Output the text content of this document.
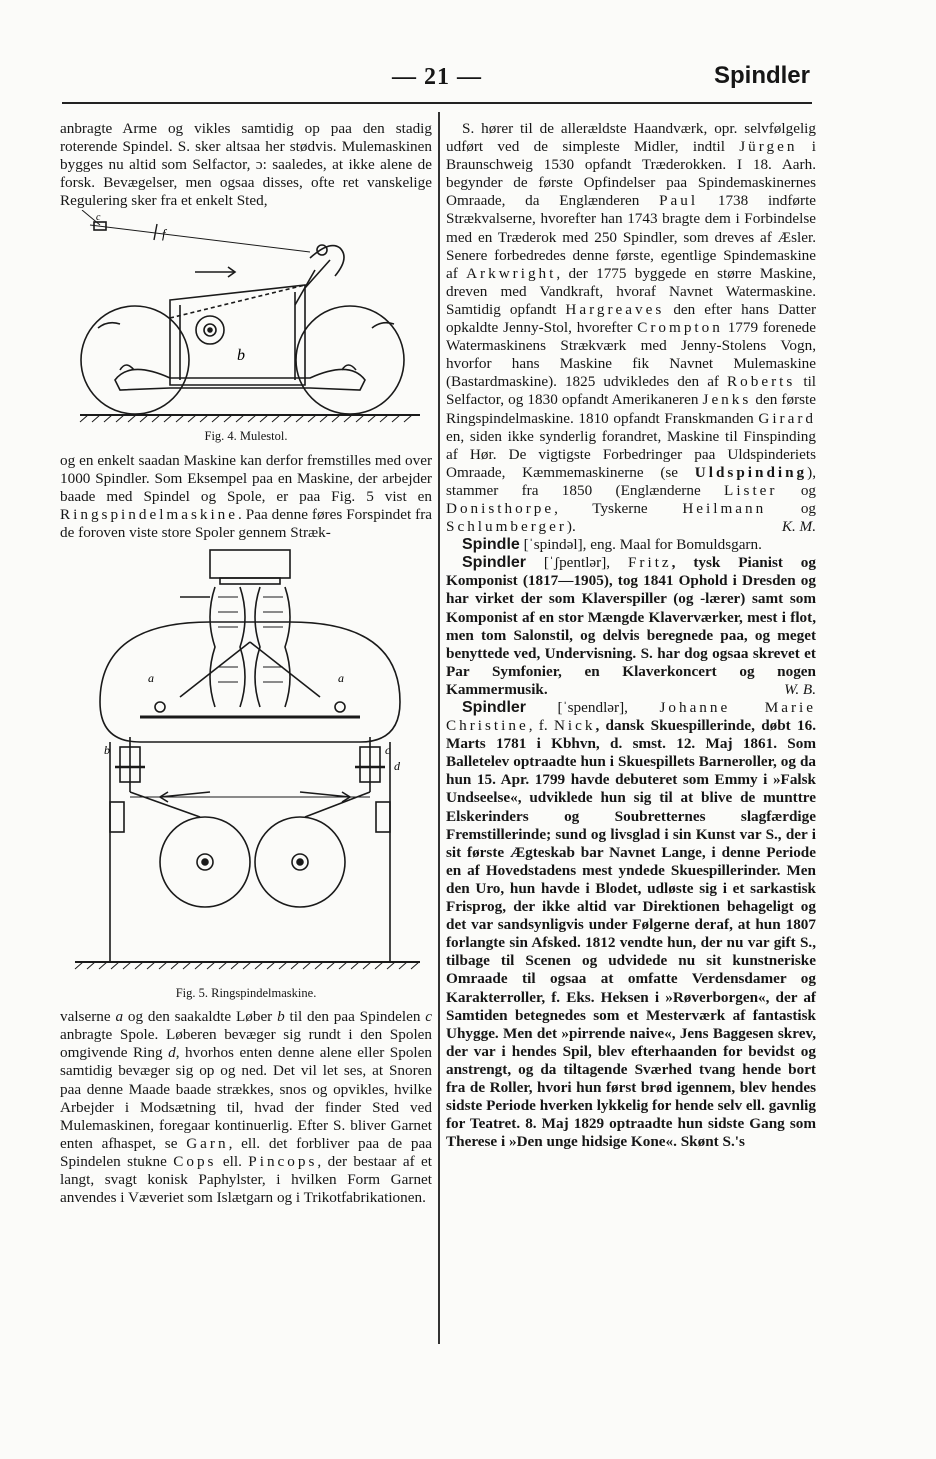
— 21 —	Spindler

anbragte Arme og vikles samtidig op paa den stadig roterende Spindel. S. sker altsaa her stødvis. Mulemaskinen bygges nu altid som Selfactor, ɔ: saaledes, at ikke alene de forsk. Bevægelser, men ogsaa disses, ofte ret vanskelige Regulering sker fra et enkelt Sted,

c
f
b
Fig. 4. Mulestol.

og en enkelt saadan Maskine kan derfor fremstilles med over 1000 Spindler. Som Eksempel paa en Maskine, der arbejder baade med Spindel og Spole, er paa Fig. 5 vist en Ringspindelmaskine. Paa denne føres Forspindet fra de foroven viste store Spoler gennem Stræk-

a	a
b	c
d
Fig. 5. Ringspindelmaskine.

valserne a og den saakaldte Løber b til den paa Spindelen c anbragte Spole. Løberen bevæger sig rundt i den Spolen omgivende Ring d, hvorhos enten denne alene eller Spolen samtidig bevæger sig op og ned. Det vil let ses, at Snoren paa denne Maade baade strækkes, snos og opvikles, hvilke Arbejder i Modsætning til, hvad der finder Sted ved Mulemaskinen, foregaar kontinuerlig. Efter S. bliver Garnet enten afhaspet, se Garn, ell. det forbliver paa de paa Spindelen stukne Cops ell. Pincops, der bestaar af et langt, svagt konisk Paphylster, i hvilken Form Garnet anvendes i Væveriet som Islætgarn og i Trikotfabrikationen.

S. hører til de allerældste Haandværk, opr. selvfølgelig udført ved de simpleste Midler, indtil Jürgen i Braunschweig 1530 opfandt Træderokken. I 18. Aarh. begynder de første Opfindelser paa Spindemaskinernes Omraade, da Englænderen Paul 1738 indførte Strækvalserne, hvorefter han 1743 bragte dem i Forbindelse med en Træderok med 250 Spindler, som dreves af Æsler. Senere forbedredes denne første, egentlige Spindemaskine af Arkwright, der 1775 byggede en større Maskine, dreven med Vandkraft, hvoraf Navnet Watermaskine. Samtidig opfandt Hargreaves den efter hans Datter opkaldte Jenny-Stol, hvorefter Crompton 1779 forenede Watermaskinens Strækværk med Jenny-Stolens Vogn, hvorfor hans Maskine fik Navnet Mulemaskine (Bastardmaskine). 1825 udvikledes den af Roberts til Selfactor, og 1830 opfandt Amerikaneren Jenks den første Ringspindelmaskine. 1810 opfandt Franskmanden Girard en, siden ikke synderlig forandret, Maskine til Finspinding af Hør. De vigtigste Forbedringer paa Uldspinderiets Omraade, Kæmmemaskinerne (se Uldspinding), stammer fra 1850 (Englænderne Lister og Donisthorpe, Tyskerne Heilmann og Schlumberger).	K. M.

Spindle [ˈspindəl], eng. Maal for Bomuldsgarn.

Spindler [ˈʃpentlər], Fritz, tysk Pianist og Komponist (1817—1905), tog 1841 Ophold i Dresden og har virket der som Klaverspiller (og -lærer) samt som Komponist af en stor Mængde Klaverværker, mest i flot, men tom Salonstil, og delvis beregnede paa, og meget benyttede ved, Undervisning. S. har dog ogsaa skrevet et Par Symfonier, en Klaverkoncert og nogen Kammermusik.	W. B.

Spindler [ˈspendlər], Johanne Marie Christine, f. Nick, dansk Skuespillerinde, døbt 16. Marts 1781 i Kbhvn, d. smst. 12. Maj 1861. Som Balletelev optraadte hun i Skuespillets Barneroller, og da hun 15. Apr. 1799 havde debuteret som Emmy i »Falsk Undseelse«, udviklede hun sig til at blive de munttre Elskerinders og Soubretternes slagfærdige Fremstillerinde; sund og livsglad i sin Kunst var S., der i sit første Ægteskab bar Navnet Lange, i denne Periode en af Hovedstadens mest yndede Skuespillerinder. Men den Uro, hun havde i Blodet, udløste sig i et sarkastisk Frisprog, der ikke altid var Direktionen behageligt og det var sandsynligvis under Følgerne deraf, at hun 1807 forlangte sin Afsked. 1812 vendte hun, der nu var gift S., tilbage til Scenen og udvidede nu sit kunstneriske Omraade til ogsaa at omfatte Verdensdamer og Karakterroller, f. Eks. Heksen i »Røverborgen«, der af Samtiden betegnedes som et Mesterværk af fantastisk Uhygge. Men det »pirrende naive«, Jens Baggesen skrev, der var i hendes Spil, blev efterhaanden for bevidst og anstrengt, og da tiltagende Sværhed tvang hende bort fra de Roller, hvori hun først brød igennem, blev hendes sidste Periode hverken lykkelig for hende selv ell. gavnlig for Teatret. 8. Maj 1829 optraadte hun sidste Gang som Therese i »Den unge hidsige Kone«. Skønt S.'s
